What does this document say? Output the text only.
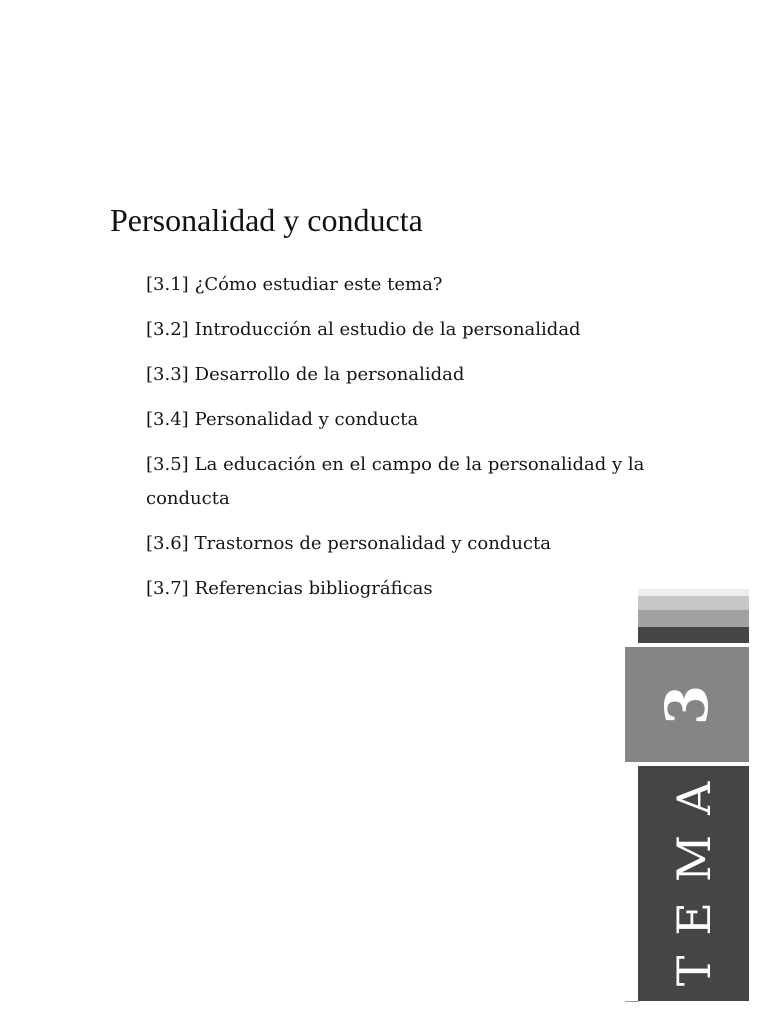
Personalidad y conducta
[3.1] ¿Cómo estudiar este tema?
[3.2] Introducción al estudio de la personalidad
[3.3] Desarrollo de la personalidad
[3.4] Personalidad y conducta
[3.5] La educación en el campo de la personalidad y la conducta
[3.6] Trastornos de personalidad y conducta
[3.7] Referencias bibliográficas
3
TEMA
